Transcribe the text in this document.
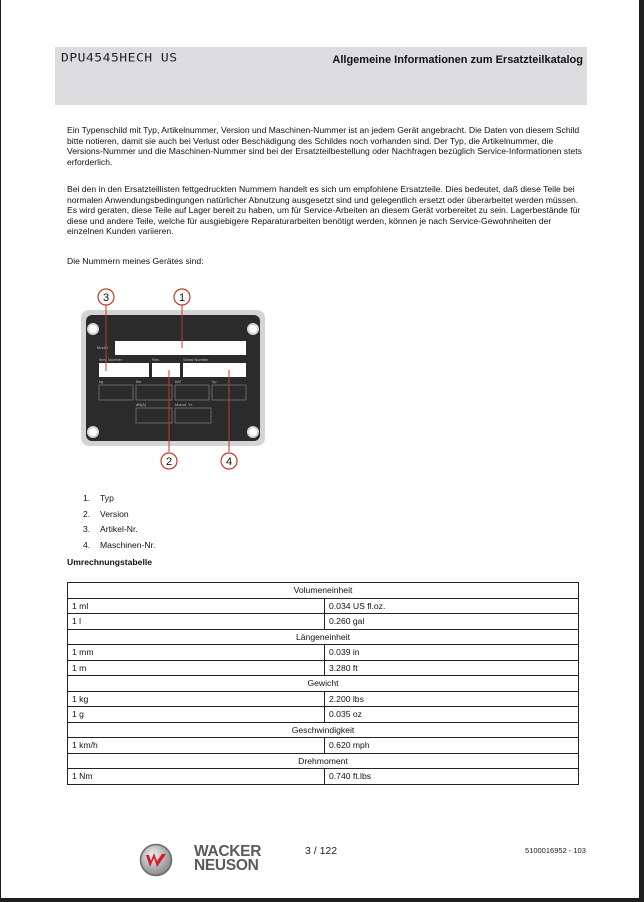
DPU4545HECH US	Allgemeine Informationen zum Ersatzteilkatalog

Ein Typenschild mit Typ, Artikelnummer, Version und Maschinen-Nummer ist an jedem Gerät angebracht. Die Daten von diesem Schild bitte notieren, damit sie auch bei Verlust oder Beschädigung des Schildes noch vorhanden sind. Der Typ, die Artikelnummer, die Versions-Nummer und die Maschinen-Nummer sind bei der Ersatzteilbestellung oder Nachfragen bezüglich Service-Informationen stets erforderlich.

Bei den in den Ersatzteillisten fettgedruckten Nummern handelt es sich um empfohlene Ersatzteile. Dies bedeutet, daß diese Teile bei normalen Anwendungsbedingungen natürlicher Abnutzung ausgesetzt sind und gelegentlich ersetzt oder überarbeitet werden müssen. Es wird geraten, diese Teile auf Lager bereit zu haben, um für Service-Arbeiten an diesem Gerät vorbereitet zu sein. Lagerbestände für diese und andere Teile, welche für ausgiebigere Reparaturarbeiten benötigt werden, können je nach Service-Gewohnheiten der einzelnen Kunden variieren.

Die Nummern meines Gerätes sind:

Model
Item Number	Rev.	Serial Number
kg	lbs	kW	hp
dB(A)	Manuf. Yr.
1
3
2	4
1.	Typ
2.	Version
3.	Artikel-Nr.
4.	Maschinen-Nr.
Umrechnungstabelle
Volumeneinheit	
1 ml	0.034 US fl.oz.
1 l	0.260 gal
Längeneinheit	
1 mm	0.039 in
1 m	3.280 ft
Gewicht	
1 kg	2.200 lbs
1 g	0.035 oz
Geschwindigkeit	
1 km/h	0.620 mph
Drehmoment	
1 Nm	0.740 ft.lbs
WACKER
NEUSON
3 / 122	5100016952 - 103
